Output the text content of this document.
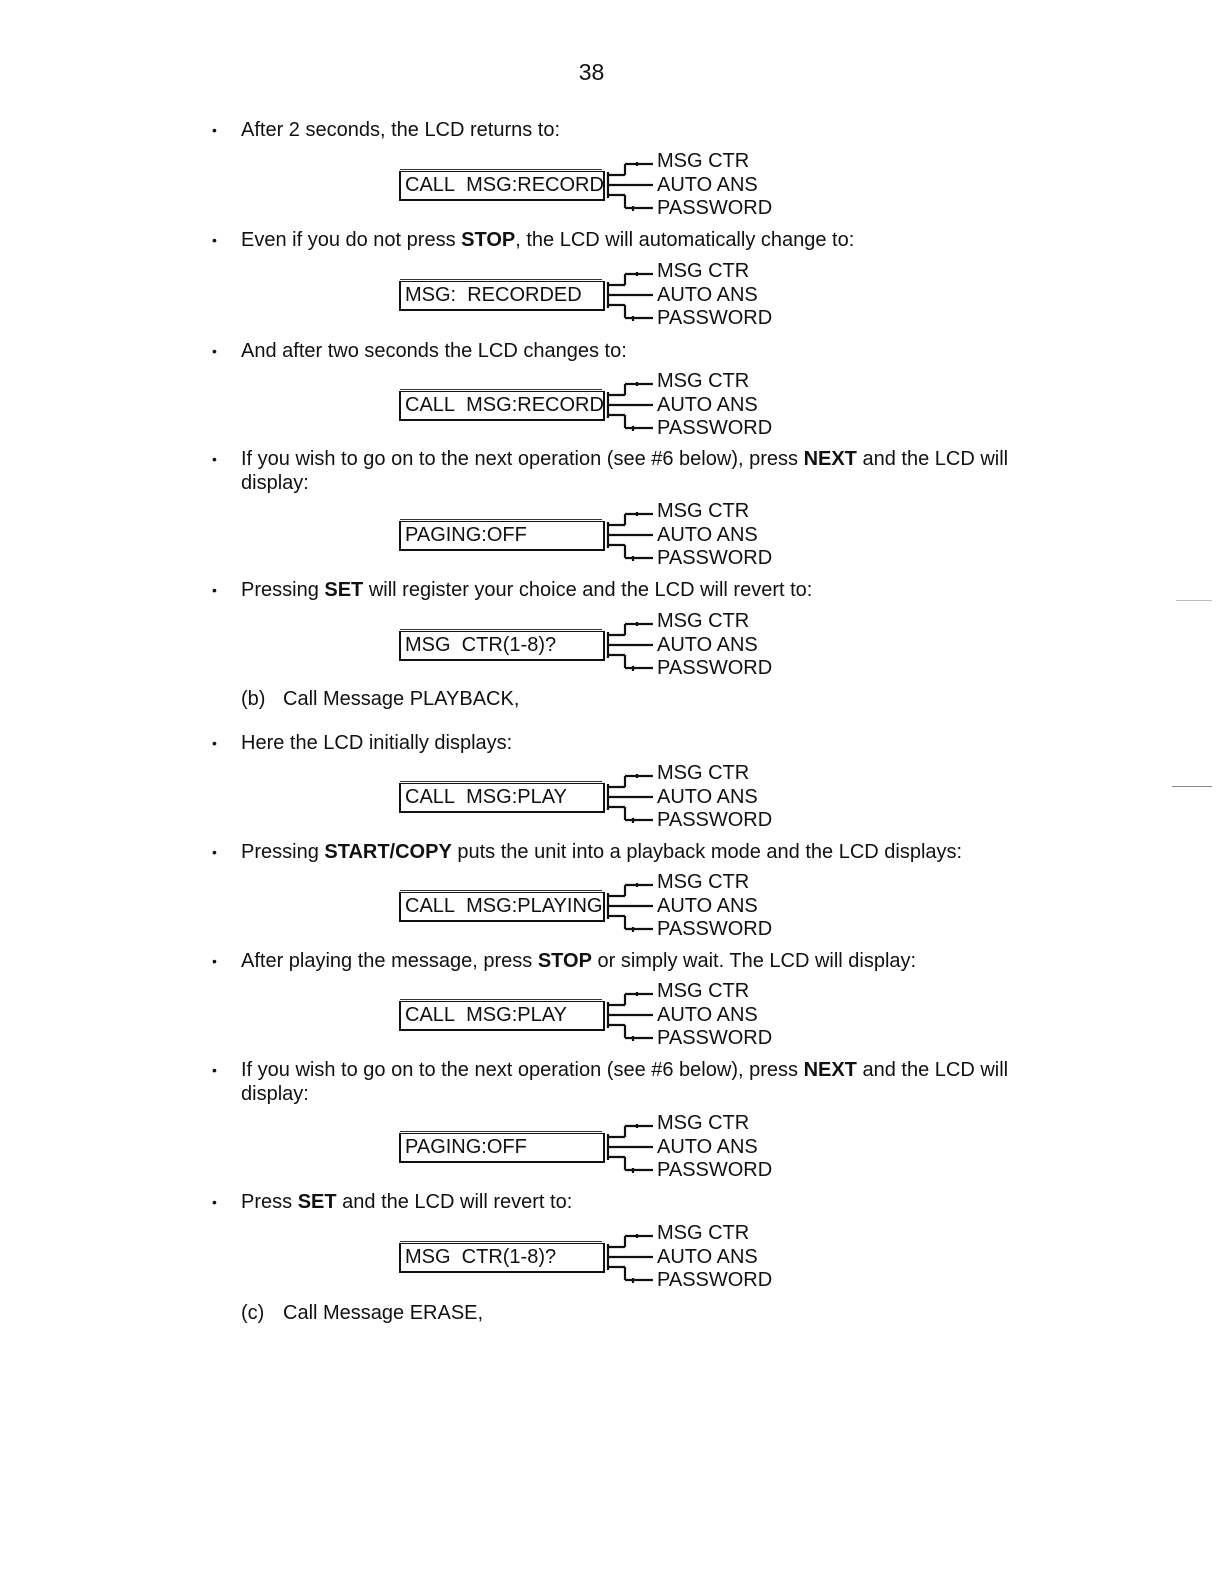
38
• After 2 seconds, the LCD returns to:
CALL  MSG:RECORD
MSG CTR
AUTO ANS
PASSWORD
• Even if you do not press STOP, the LCD will automatically change to:
MSG:  RECORDED
MSG CTR
AUTO ANS
PASSWORD
• And after two seconds the LCD changes to:
CALL  MSG:RECORD
MSG CTR
AUTO ANS
PASSWORD
• If you wish to go on to the next operation (see #6 below), press NEXT and the LCD will display:
PAGING:OFF
MSG CTR
AUTO ANS
PASSWORD
• Pressing SET will register your choice and the LCD will revert to:
MSG  CTR(1-8)?
MSG CTR
AUTO ANS
PASSWORD
(b) Call Message PLAYBACK,
• Here the LCD initially displays:
CALL  MSG:PLAY
MSG CTR
AUTO ANS
PASSWORD
• Pressing START/COPY puts the unit into a playback mode and the LCD displays:
CALL  MSG:PLAYING
MSG CTR
AUTO ANS
PASSWORD
• After playing the message, press STOP or simply wait. The LCD will display:
CALL  MSG:PLAY
MSG CTR
AUTO ANS
PASSWORD
• If you wish to go on to the next operation (see #6 below), press NEXT and the LCD will display:
PAGING:OFF
MSG CTR
AUTO ANS
PASSWORD
• Press SET and the LCD will revert to:
MSG  CTR(1-8)?
MSG CTR
AUTO ANS
PASSWORD
(c) Call Message ERASE,
